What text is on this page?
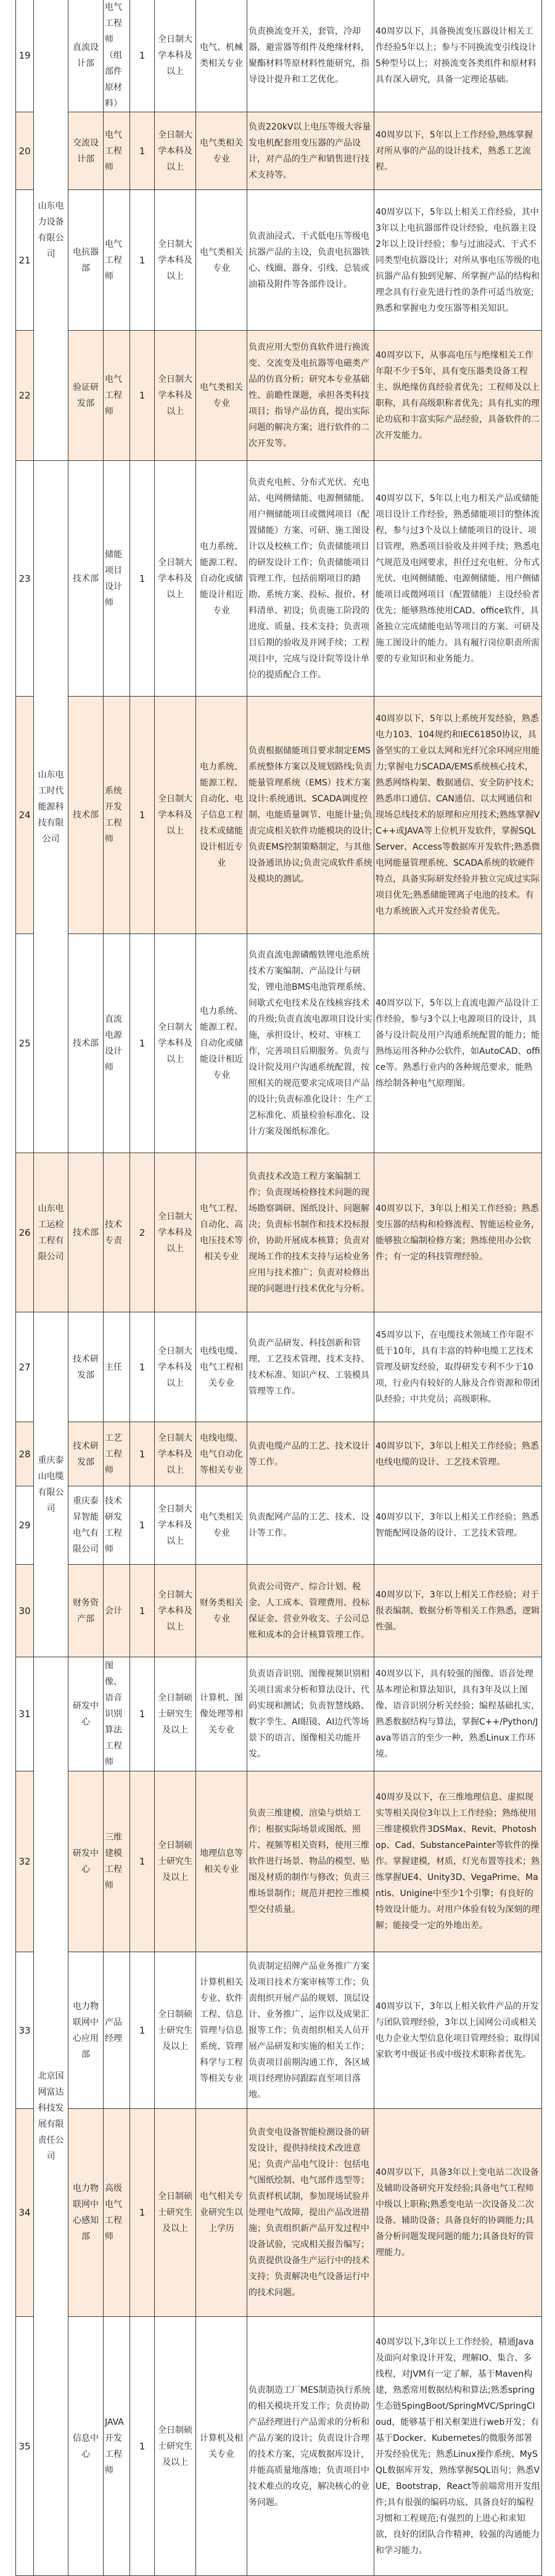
19	山东电力设备有限公司	直流设计部	电气工程师（组部件原材料）	1	全日制大学本科及以上	电气、机械类相关专业	负责换流变开关，套管，冷却器，避雷器等组件及绝缘材料，聚酯材料等原材料性能研究，指导设计提升和工艺优化。	40周岁以下，具备换流变压器设计相关工作经验5年以上；参与不同换流变引线设计5种型号以上；对换流变各类组件和原材料具有深入研究，具备一定理论基础。
20		交流设计部	电气工程师	1	全日制大学本科及以上	电气类相关专业	负责220kV以上电压等级大容量发电机配套用变压器的产品设计，对产品的生产和销售进行技术支持等。	40周岁以下，5年以上工作经验,熟练掌握对所从事的产品的设计技术，熟悉工艺流程。
21		电抗器部	电气工程师	1	全日制大学本科及以上	电气类相关专业	负责油浸式、干式低电压等级电抗器产品的主设，负责电抗器铁心、线圈、器身、引线、总装或油箱及附件等各部件设计。	40周岁以下，5年以上相关工作经验，其中3年以上电抗器部件设计经验，电抗器主设2年以上设计经验；参与过油浸式、干式不同类型电抗器设计；对所从事电压等级的电抗器产品有独到见解、所掌握产品的结构和理念具有行业先进行性的条件可适当放宽;熟悉和掌握电力变压器等相关知识。
22		验证研发部	电气工程师	1	全日制大学本科及以上	电气类相关专业	负责应用大型仿真软件进行换流变、交流变及电抗器等电磁类产品的仿真分析；研究本专业基础性、前瞻性课题，承担各类科技项目；指导产品仿真，提出实际问题的解决方案；进行软件的二次开发等。	40周岁以下，从事高电压与绝缘相关工作年限不少于5年，具有变压器类设备工程主、纵绝缘仿真经验者优先；工程师及以上职称，具有高级职称者优先；具有扎实的理论功底和丰富实际产品经验，具备软件的二次开发能力。
23	山东电工时代能源科技有限公司	技术部	储能项目设计师	1	全日制大学本科及以上	电力系统、能源工程、自动化或储能设计相近专业	负责充电桩、分布式光伏、充电站、电网侧储能、电源侧储能、用户侧储能项目或微网项目（配置储能）方案、可研、施工图设计以及校核工作；负责储能项目的研发设计工作；负责储能项目管理工作，包括前期项目的踏勘、系统方案、投标、报价、材料清单、初设；负责施工阶段的进度、质量、技术支持；负责项目后期的验收及并网手续；工程项目中，完成与设计院等设计单位的提质配合工作。	40周岁以下，5年以上电力相关产品或储能项目设计工作经验，熟悉储能项目的整体流程，参与过3个及以上储能项目的设计、项目管理，熟悉项目验收及并网手续；熟悉电气规范及电网要求，担任过充电桩、分布式光伏、电网侧储能、电源侧储能、用户侧储能项目或微网项目（配置储能）主设经验者优先；能够熟练使用CAD、office软件，具备独立完成储能电站等项目的方案、可研及施工图设计的能力。具有履行岗位职责所需要的专业知识和业务能力。
24		技术部	系统开发工程师	1	全日制大学本科及以上	电力系统、能源工程、自动化、电子信息工程技术或储能设计相近专业	负责根据储能项目要求制定EMS系统整体方案以及规划路线;负责能量管理系统（EMS）技术方案设计:系统通讯、SCADA调度控制、电能质量调节、电能计量;负责完成相关软件功能模块的设计;负责EMS控制策略制定，与其他设备通讯协议;负责完成软件系统及模块的测试。	40周岁以下，5年以上系统开发经验，熟悉电力103、104规约和IEC61850协议，具备坚实的工业以太网和光纤冗余环网应用能力;掌握电力SCADA/EMS系统核心技术，熟悉网络构架、数据通信、安全防护技术;熟悉串口通信、CAN通信、以太网通信和现场总线技术的原理和应用技术;熟练掌握VC++或JAVA等上位机开发软件，掌握SQL Server、Access等数据库开发软件;熟悉微电网能量管理系统、SCADA系统的软硬件特点，具备实际研发经验并独立完成过实际项目优先;熟悉储能锂离子电池的技术。有电力系统嵌入式开发经验者优先。
25		技术部	直流电源设计师	1	全日制大学本科及以上	电力系统、能源工程、自动化或储能设计相近专业	负责直流电源磷酸铁锂电池系统技术方案编制、产品设计与研发，锂电池BMS电池管理系统、间歇式充电技术及在线核容技术的升级;负责直流电源项目设计实施，承担设计、校对、审核工作，完善项目后期服务。负责与设计院及用户沟通系统配置，按照相关的规范要求完成项目产品的设计;负责标准化设计：生产工艺标准化、质量检验标准化、设计方案及图纸标准化。	40周岁以下，5年以上直流电源产品设计工作经验，参与3个以上电源项目的设计，具备与设计院及用户沟通系统配置的能力；能熟练运用各种办公软件，如AutoCAD、office等。熟悉行业内的各种规范要求，能熟练绘制各种电气原理图。
26	山东电工运检工程有限公司	技术部	技术专责	2	全日制大学本科及以上	电气工程、自动化、高电压技术等相关专业	负责技术改造工程方案编制工作；负责现场检修技术问题的现场勘察调研、图纸设计、问题解决；负责标书制作和技术投标报价，协助开展成本核算；负责对现场工作的技术支持与运检业务应用与技术推广；负责对检修出现的问题进行技术优化与分析。	40周岁以下，3年以上相关工作经验；熟悉变压器的结构和检修流程、智能运检业务，能够独立编制检修方案；熟练使用办公软件；有一定的科技管理经验。
27	重庆泰山电缆有限公司	技术研发部	主任	1	全日制大学本科及以上	电线电缆、电气工程相关专业	负责产品研发、科技创新和管理、工艺技术管理、技术支持、技术标准、知识产权、工装模具管理等工作。	45周岁以下，在电缆技术领域工作年限不低于10年，具有丰富的特种电缆工艺技术管理及研发经验，取得研发专利不少于10项，行业内有较好的人脉及合作资源和带团队经验；中共党员；高级职称。
28		技术研发部	工艺工程师	1	全日制大学本科及以上	电线电缆、电气自动化等相关专业	负责电缆产品的工艺、技术设计等工作。	40周岁以下，3年以上相关工作经验；熟悉电线电缆的设计、工艺技术管理。
29		重庆泰昇智能电气有限公司	技术研发工程师	1	全日制大学本科及以上	电气类相关专业	负责配网产品的工艺、技术、设计等工作。	40周岁以下，3年以上相关工作经验；熟悉智能配网设备的设计、工艺技术管理。
30		财务资产部	会计	1	全日制大学本科及以上	财务类相关专业	负责公司资产、综合计划、税金、人工成本、管理费用、投标保证金、营业外收支、子公司总账和成本的会计核算管理工作。	40周岁以下，3年以上相关工作经验；对于报表编制、数据分析等相关工作熟悉，逻辑性强。
31	北京国网富达科技发展有限责任公司	研发中心	图像、语音识别算法工程师	1	全日制硕士研究生及以上	计算机、图像处理等相关专业	负责语音识别、图像视频识别相关项目需求分析和算法设计、代码实现和测试；负责智慧线路、数字孪生、AI眼镜、AI边代等场景下的语言、图像相关功能开发。	40周岁以下，具有较强的图像、语音处理基本理论和算法知识，具有3年及以上图像、语音识别分析关经验；编程基础扎实，熟悉数据结构与算法，掌握C++/Python/Java等语言的至少一种，熟悉Linux工作环境。
32		研发中心	三维建模工程师	1	全日制硕士研究生及以上	地理信息等相关专业	负责三维建模、渲染与烘焙工作；根据实际场景或图纸、照片、视频等相关资料，使用三维软件进行场景、物品的模型、贴图及材质的制作与修改；负责三维场景制作；规范并把控三维模型交付质量。	40周岁及以下，在三维地理信息、虚拟现实等相关岗位3年以上工作经验；熟练使用三维建模软件3DSMax、Revit、Photoshop、Cad、SubstancePainter等软件的操作。掌握建模，材质，灯光布置等技术；熟练掌握UE4、Unity3D、VegaPrime、Mantis、Unigine中至少1个引擎；有良好的特效设计能力。对用户体验有较为深刻的理解；能接受一定的外地出差。
33		电力物联网中心应用部	产品经理	1	全日制硕士研究生及以上	计算机相关专业、软件工程、信息管理与信息系统、管理科学与工程等相关专业	负责制定招牌产品业务推广方案及项目技术方案审核等工作；负责组织开展产品的规划、顶层设计、业务推广、运作以及成果汇报等工作；负责组织相关人员开展产品研发和实施的相关工作；负责项目前期沟通工作，各区域项目经理协同跟踪直至项目落地。	40周岁以下，3年以上相关软件产品的开发与团队管理经验，3年以上国网公司或相关电力企业大型信息化项目管理经验；取得国家软考中级证书或中级技术职称者优先。
34		电力物联网中心感知部	高级电气工程师	1	全日制硕士研究生及以上	电气相关专业研究生以上学历	负责变电设备智能检测设备的研发设计，提供持续技术改进意见；负责产品电气设计：包括电气图纸绘制、电气部件选型等；负责样机试制，参加现场试验并处理电气故障，提出产品改进措施；负责组织新产品开发过程中设备试验，完成相关报告编写；负责提供设备生产运行中的技术支持；负责解决电气设备运行中的技术问题。	40周岁以下，具备3年以上变电站二次设备及辅助设备研究开发经验;具备电气工程师中级以上职称;熟悉变电站一次设备及二次设备、辅助设备；具备良好的协调能力;具备分析问题发现问题的能力;具备良好的管理能力。
35		信息中心	JAVA开发工程师	1	全日制硕士研究生及以上	计算机及相关专业	负责制造工厂MES制造执行系统的相关模块开发工作；负责协助产品经理进行产品需求的分析和产品方案的设计；负责设计合理的技术方案，完成数据库设计，并能高质量地落地；负责项目中技术难点的攻克，解决核心的业务问题。	40周岁以下,3年以上工作经验，精通Java 及面向对象设计开发，理解IO、集合、多线程，对JVM有一定了解，基于Maven构建，熟悉常用数据结构和算法;熟悉spring生态链SpingBoot/SpringMVC/SpringCloud，能够基于相关框架进行web开发；有基于Docker、Kubernetes的微服务部署开发经验优先；熟悉Linux操作系统、MySQL数据库开发，熟练掌握SQL语句；熟悉VUE，Bootstrap，React等前端常用开发组件;具有很强的编码功底、具备良好的编程习惯和工程规范;有强烈的上进心和求知欲，良好的团队合作精神，较强的沟通能力和学习能力。
